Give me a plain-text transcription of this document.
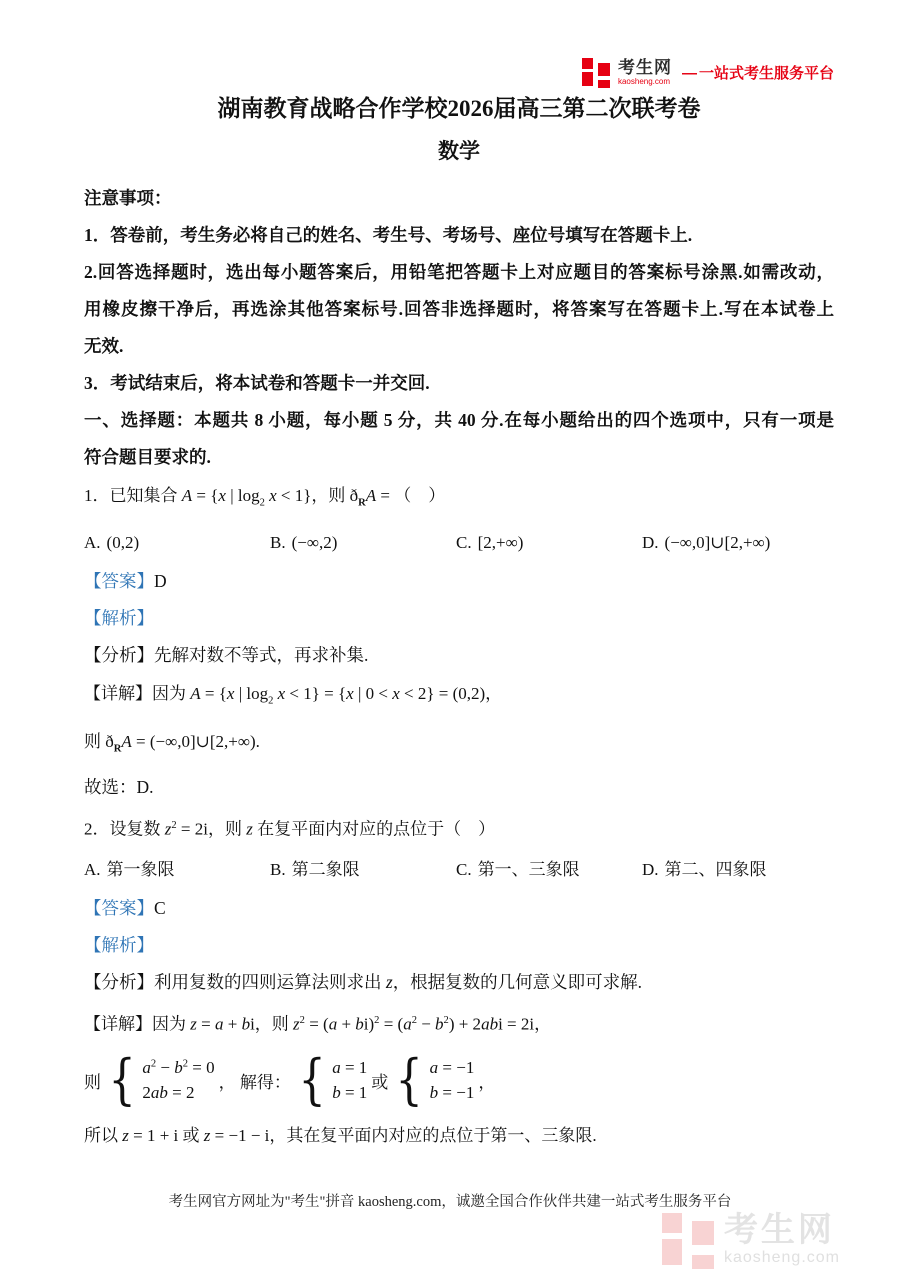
考生网
kaosheng.com	— 一站式考生服务平台
湖南教育战略合作学校2026届高三第二次联考卷
数学
注意事项：
1．答卷前，考生务必将自己的姓名、考生号、考场号、座位号填写在答题卡上.
2.回答选择题时，选出每小题答案后，用铅笔把答题卡上对应题目的答案标号涂黑.如需改动，
用橡皮擦干净后，再选涂其他答案标号.回答非选择题时，将答案写在答题卡上.写在本试卷上
无效.
3．考试结束后，将本试卷和答题卡一并交回.
一、选择题：本题共 8 小题，每小题 5 分，共 40 分.在每小题给出的四个选项中，只有一项是
符合题目要求的.
1．已知集合 A = {x | $\log_2 x < 1$}，则 $ð_RA$ = （ ）
A. (0,2)	B. (−∞,2)	C. [2,+∞)	D. (−∞,0]∪[2,+∞)
【答案】D
【解析】
【分析】先解对数不等式，再求补集.
【详解】因为 A = {x | $\log_2 x < 1\} = \{x$ | 0 < x < 2} = (0,2)，
则 $ð_RA$ = (−∞,0]∪[2,+∞).
故选：D.
2．设复数 $z^2 = 2i$，则 z 在复平面内对应的点位于（ ）
A. 第一象限	B. 第二象限	C. 第一、三象限	D. 第二、四象限
【答案】C
【解析】
【分析】利用复数的四则运算法则求出 z，根据复数的几何意义即可求解.
【详解】因为 z = a + bi，则 $z^2 = (a + bi)^2 = (a^2 - b^2) + 2abi = 2i$，
则 { $a^2 - b^2 = 0$
2ab = 2
， 解得： { a = 1
b = 1
或 { a = −1
b = −1
，
所以 z = 1 + i 或 z = −1 − i，其在复平面内对应的点位于第一、三象限.
考生网官方网址为"考生"拼音 kaosheng.com，诚邀全国合作伙伴共建一站式考生服务平台
考生网
kaosheng.com
